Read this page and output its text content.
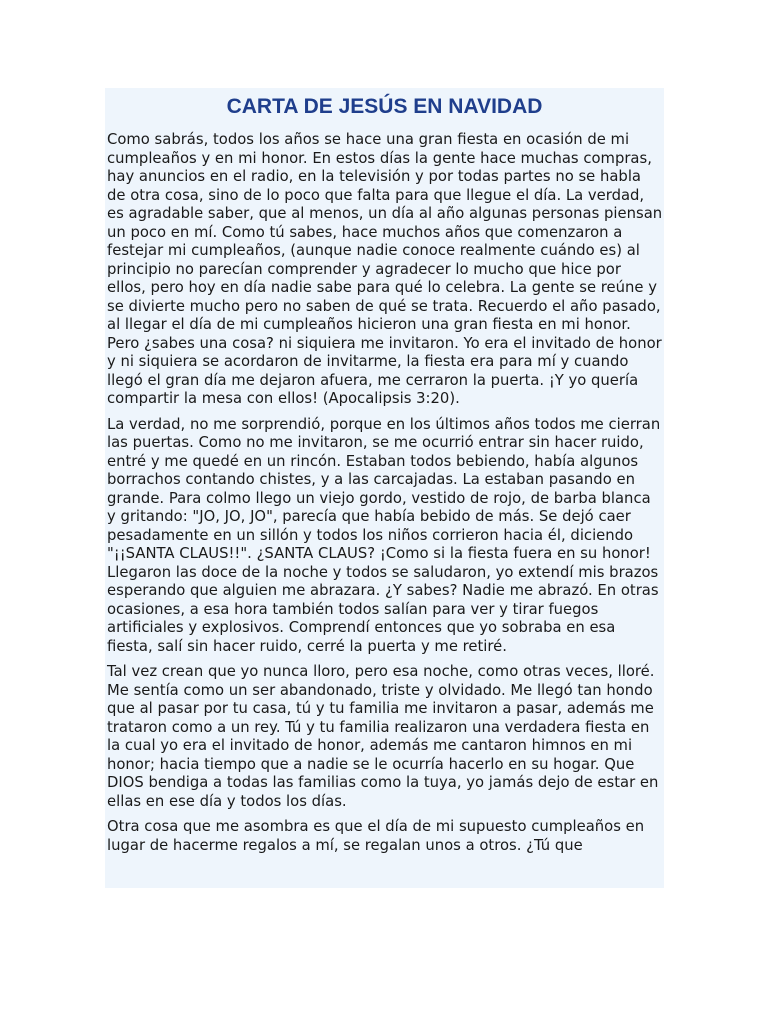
CARTA DE JESÚS EN NAVIDAD

Como sabrás, todos los años se hace una gran fiesta en ocasión de mi cumpleaños y en mi honor. En estos días la gente hace muchas compras, hay anuncios en el radio, en la televisión y por todas partes no se habla de otra cosa, sino de lo poco que falta para que llegue el día. La verdad, es agradable saber, que al menos, un día al año algunas personas piensan un poco en mí. Como tú sabes, hace muchos años que comenzaron a festejar mi cumpleaños, (aunque nadie conoce realmente cuándo es) al principio no parecían comprender y agradecer lo mucho que hice por ellos, pero hoy en día nadie sabe para qué lo celebra. La gente se reúne y se divierte mucho pero no saben de qué se trata. Recuerdo el año pasado, al llegar el día de mi cumpleaños hicieron una gran fiesta en mi honor. Pero ¿sabes una cosa? ni siquiera me invitaron. Yo era el invitado de honor y ni siquiera se acordaron de invitarme, la fiesta era para mí y cuando llegó el gran día me dejaron afuera, me cerraron la puerta. ¡Y yo quería compartir la mesa con ellos! (Apocalipsis 3:20).

La verdad, no me sorprendió, porque en los últimos años todos me cierran las puertas. Como no me invitaron, se me ocurrió entrar sin hacer ruido, entré y me quedé en un rincón. Estaban todos bebiendo, había algunos borrachos contando chistes, y a las carcajadas. La estaban pasando en grande. Para colmo llego un viejo gordo, vestido de rojo, de barba blanca y gritando: "JO, JO, JO", parecía que había bebido de más. Se dejó caer pesadamente en un sillón y todos los niños corrieron hacia él, diciendo "¡¡SANTA CLAUS!!". ¿SANTA CLAUS? ¡Como si la fiesta fuera en su honor! Llegaron las doce de la noche y todos se saludaron, yo extendí mis brazos esperando que alguien me abrazara. ¿Y sabes? Nadie me abrazó. En otras ocasiones, a esa hora también todos salían para ver y tirar fuegos artificiales y explosivos. Comprendí entonces que yo sobraba en esa fiesta, salí sin hacer ruido, cerré la puerta y me retiré.

Tal vez crean que yo nunca lloro, pero esa noche, como otras veces, lloré. Me sentía como un ser abandonado, triste y olvidado. Me llegó tan hondo que al pasar por tu casa, tú y tu familia me invitaron a pasar, además me trataron como a un rey. Tú y tu familia realizaron una verdadera fiesta en la cual yo era el invitado de honor, además me cantaron himnos en mi honor; hacia tiempo que a nadie se le ocurría hacerlo en su hogar. Que DIOS bendiga a todas las familias como la tuya, yo jamás dejo de estar en ellas en ese día y todos los días.

Otra cosa que me asombra es que el día de mi supuesto cumpleaños en lugar de hacerme regalos a mí, se regalan unos a otros. ¿Tú que
